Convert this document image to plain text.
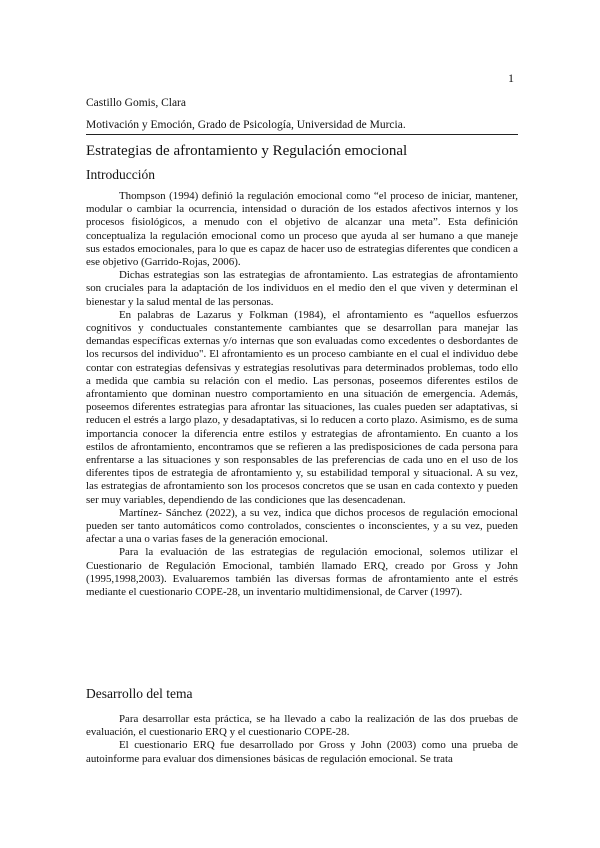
1
Castillo Gomis, Clara
Motivación y Emoción, Grado de Psicología, Universidad de Murcia.
Estrategias de afrontamiento y Regulación emocional
Introducción

Thompson (1994) definió la regulación emocional como “el proceso de iniciar, mantener, modular o cambiar la ocurrencia, intensidad o duración de los estados afectivos internos y los procesos fisiológicos, a menudo con el objetivo de alcanzar una meta”. Esta definición conceptualiza la regulación emocional como un proceso que ayuda al ser humano a que maneje sus estados emocionales, para lo que es capaz de hacer uso de estrategias diferentes que condicen a ese objetivo (Garrido-Rojas, 2006).

Dichas estrategias son las estrategias de afrontamiento. Las estrategias de afrontamiento son cruciales para la adaptación de los individuos en el medio den el que viven y determinan el bienestar y la salud mental de las personas.

En palabras de Lazarus y Folkman (1984), el afrontamiento es “aquellos esfuerzos cognitivos y conductuales constantemente cambiantes que se desarrollan para manejar las demandas específicas externas y/o internas que son evaluadas como excedentes o desbordantes de los recursos del individuo". El afrontamiento es un proceso cambiante en el cual el individuo debe contar con estrategias defensivas y estrategias resolutivas para determinados problemas, todo ello a medida que cambia su relación con el medio. Las personas, poseemos diferentes estilos de afrontamiento que dominan nuestro comportamiento en una situación de emergencia. Además, poseemos diferentes estrategias para afrontar las situaciones, las cuales pueden ser adaptativas, si reducen el estrés a largo plazo, y desadaptativas, si lo reducen a corto plazo. Asimismo, es de suma importancia conocer la diferencia entre estilos y estrategias de afrontamiento. En cuanto a los estilos de afrontamiento, encontramos que se refieren a las predisposiciones de cada persona para enfrentarse a las situaciones y son responsables de las preferencias de cada uno en el uso de los diferentes tipos de estrategia de afrontamiento y, su estabilidad temporal y situacional. A su vez, las estrategias de afrontamiento son los procesos concretos que se usan en cada contexto y pueden ser muy variables, dependiendo de las condiciones que las desencadenan.

Martínez- Sánchez (2022), a su vez, indica que dichos procesos de regulación emocional pueden ser tanto automáticos como controlados, conscientes o inconscientes, y a su vez, pueden afectar a una o varias fases de la generación emocional.

Para la evaluación de las estrategias de regulación emocional, solemos utilizar el Cuestionario de Regulación Emocional, también llamado ERQ, creado por Gross y John (1995,1998,2003). Evaluaremos también las diversas formas de afrontamiento ante el estrés mediante el cuestionario COPE-28, un inventario multidimensional, de Carver (1997).

Desarrollo del tema

Para desarrollar esta práctica, se ha llevado a cabo la realización de las dos pruebas de evaluación, el cuestionario ERQ y el cuestionario COPE-28.

El cuestionario ERQ fue desarrollado por Gross y John (2003) como una prueba de autoinforme para evaluar dos dimensiones básicas de regulación emocional. Se trata
